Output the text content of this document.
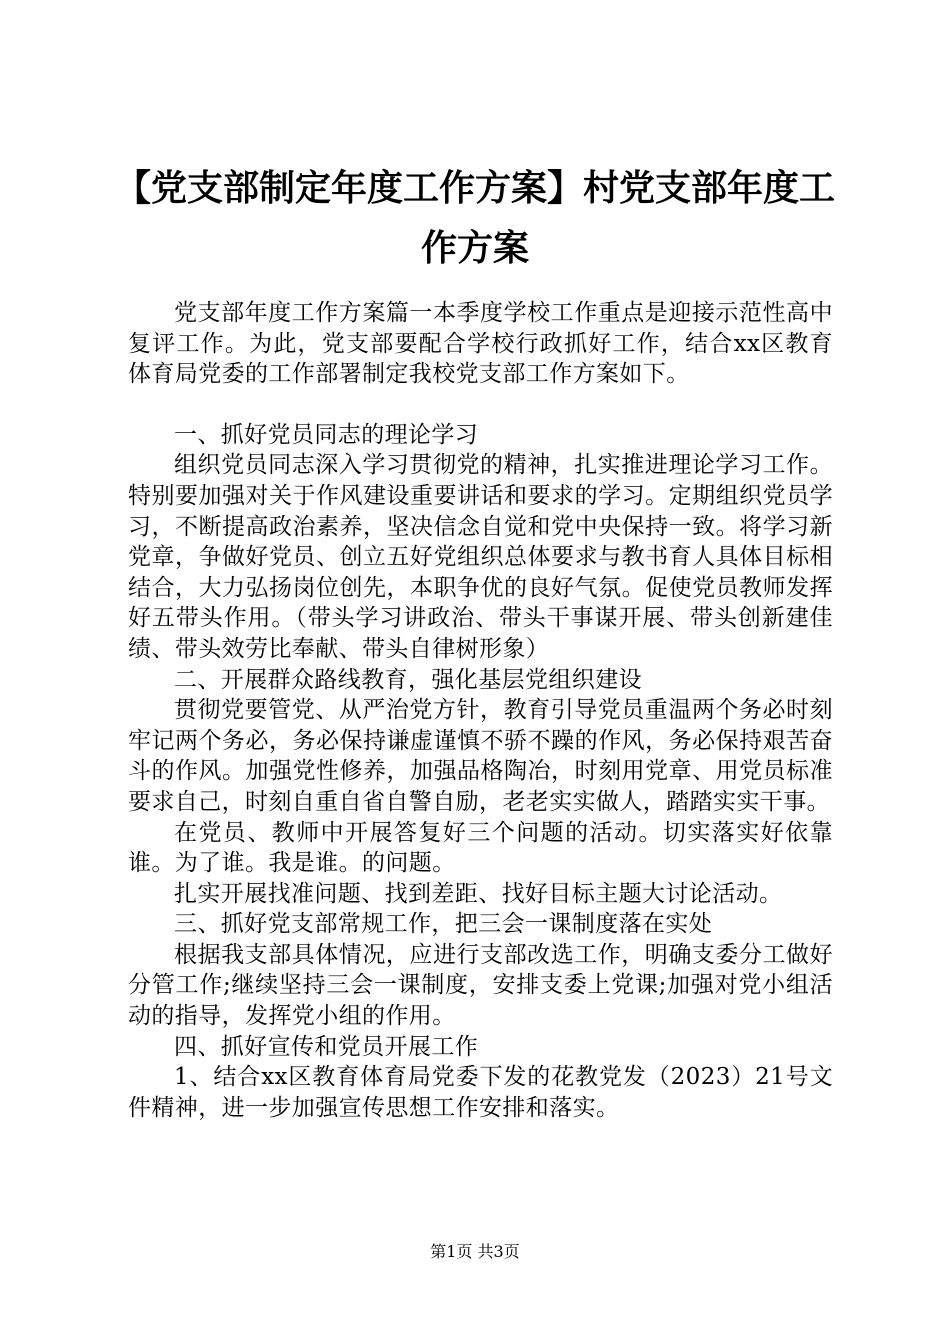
【党支部制定年度工作方案】村党支部年度工作方案

党支部年度工作方案篇一本季度学校工作重点是迎接示范性高中复评工作。为此，党支部要配合学校行政抓好工作，结合xx区教育体育局党委的工作部署制定我校党支部工作方案如下。

一、抓好党员同志的理论学习

组织党员同志深入学习贯彻党的精神，扎实推进理论学习工作。特别要加强对关于作风建设重要讲话和要求的学习。定期组织党员学习，不断提高政治素养，坚决信念自觉和党中央保持一致。将学习新党章，争做好党员、创立五好党组织总体要求与教书育人具体目标相结合，大力弘扬岗位创先，本职争优的良好气氛。促使党员教师发挥好五带头作用。（带头学习讲政治、带头干事谋开展、带头创新建佳绩、带头效劳比奉献、带头自律树形象）

二、开展群众路线教育，强化基层党组织建设

贯彻党要管党、从严治党方针，教育引导党员重温两个务必时刻牢记两个务必，务必保持谦虚谨慎不骄不躁的作风，务必保持艰苦奋斗的作风。加强党性修养，加强品格陶冶，时刻用党章、用党员标准要求自己，时刻自重自省自警自励，老老实实做人，踏踏实实干事。

在党员、教师中开展答复好三个问题的活动。切实落实好依靠谁。为了谁。我是谁。的问题。

扎实开展找准问题、找到差距、找好目标主题大讨论活动。

三、抓好党支部常规工作，把三会一课制度落在实处

根据我支部具体情况，应进行支部改选工作，明确支委分工做好分管工作;继续坚持三会一课制度，安排支委上党课;加强对党小组活动的指导，发挥党小组的作用。

四、抓好宣传和党员开展工作

1、结合xx区教育体育局党委下发的花教党发（2023）21号文件精神，进一步加强宣传思想工作安排和落实。

第1页 共3页
